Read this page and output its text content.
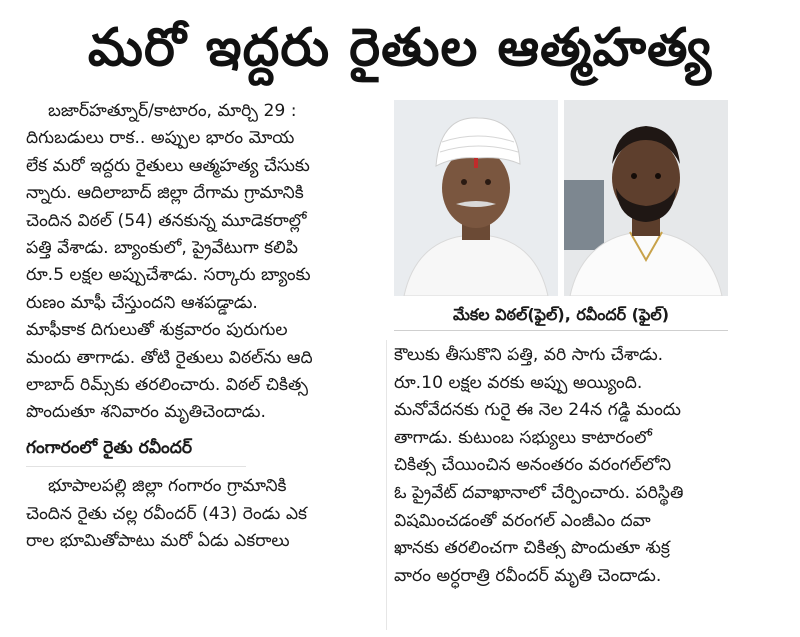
మరో ఇద్దరు రైతుల ఆత్మహత్య

బజార్‌హత్నూర్/కాటారం, మార్చి 29 :

దిగుబడులు రాక.. అప్పుల భారం మోయ

లేక మరో ఇద్దరు రైతులు ఆత్మహత్య చేసుకు

న్నారు. ఆదిలాబాద్ జిల్లా దేగామ గ్రామానికి

చెందిన విఠల్ (54) తనకున్న మూడెకరాల్లో

పత్తి వేశాడు. బ్యాంకులో, ప్రైవేటుగా కలిపి

రూ.5 లక్షల అప్పుచేశాడు. సర్కారు బ్యాంకు

రుణం మాఫీ చేస్తుందని ఆశపడ్డాడు.

మాఫీకాక దిగులుతో శుక్రవారం పురుగుల

మందు తాగాడు. తోటి రైతులు విఠల్‌ను ఆది

లాబాద్ రిమ్స్‌కు తరలించారు. విఠల్ చికిత్స

పొందుతూ శనివారం మృతిచెందాడు.

గంగారంలో రైతు రవీందర్

భూపాలపల్లి జిల్లా గంగారం గ్రామానికి

చెందిన రైతు చల్ల రవీందర్ (43) రెండు ఎక

రాల భూమితోపాటు మరో ఏడు ఎకరాలు

మేకల విఠల్(ఫైల్), రవీందర్ (ఫైల్)

కౌలుకు తీసుకొని పత్తి, వరి సాగు చేశాడు.

రూ.10 లక్షల వరకు అప్పు అయ్యింది.

మనోవేదనకు గురై ఈ నెల 24న గడ్డి మందు

తాగాడు. కుటుంబ సభ్యులు కాటారంలో

చికిత్స చేయించిన అనంతరం వరంగల్‌లోని

ఓ ప్రైవేట్ దవాఖానాలో చేర్పించారు. పరిస్థితి

విషమించడంతో వరంగల్ ఎంజీఎం దవా

ఖానకు తరలించగా చికిత్స పొందుతూ శుక్ర

వారం అర్ధరాత్రి రవీందర్ మృతి చెందాడు.
